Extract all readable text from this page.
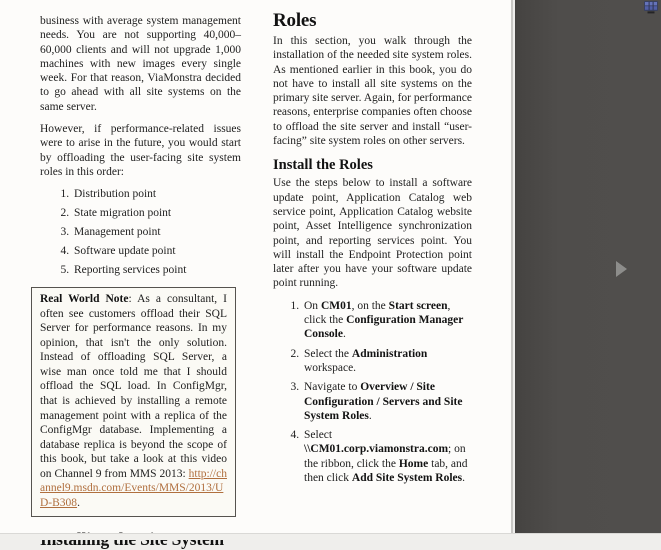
business with average system management needs. You are not supporting 40,000–60,000 clients and will not upgrade 1,000 machines with new images every single week. For that reason, ViaMonstra decided to go ahead with all site systems on the same server.

However, if performance-related issues were to arise in the future, you would start by offloading the user-facing site system roles in this order:

1. Distribution point
2. State migration point
3. Management point
4. Software update point
5. Reporting services point
Real World Note: As a consultant, I often see customers offload their SQL Server for performance reasons. In my opinion, that isn't the only solution. Instead of offloading SQL Server, a wise man once told me that I should offload the SQL load. In ConfigMgr, that is achieved by installing a remote management point with a replica of the ConfigMgr database. Implementing a database replica is beyond the scope of this book, but take a look at this video on Channel 9 from MMS 2013: http://channel9.msdn.com/Events/MMS/2013/UD-B308.
Roles

In this section, you walk through the installation of the needed site system roles. As mentioned earlier in this book, you do not have to install all site systems on the primary site server. Again, for performance reasons, enterprise companies often choose to offload the site server and install “user-facing” site system roles on other servers.

Install the Roles

Use the steps below to install a software update point, Application Catalog web service point, Application Catalog website point, Asset Intelligence synchronization point, and reporting services point. You will install the Endpoint Protection point later after you have your software update point running.

1. On CM01, on the Start screen, click the Configuration Manager Console.
2. Select the Administration workspace.
3. Navigate to Overview / Site Configuration / Servers and Site System Roles.
4. Select \\CM01.corp.viamonstra.com; on the ribbon, click the Home tab, and then click Add Site System Roles.
